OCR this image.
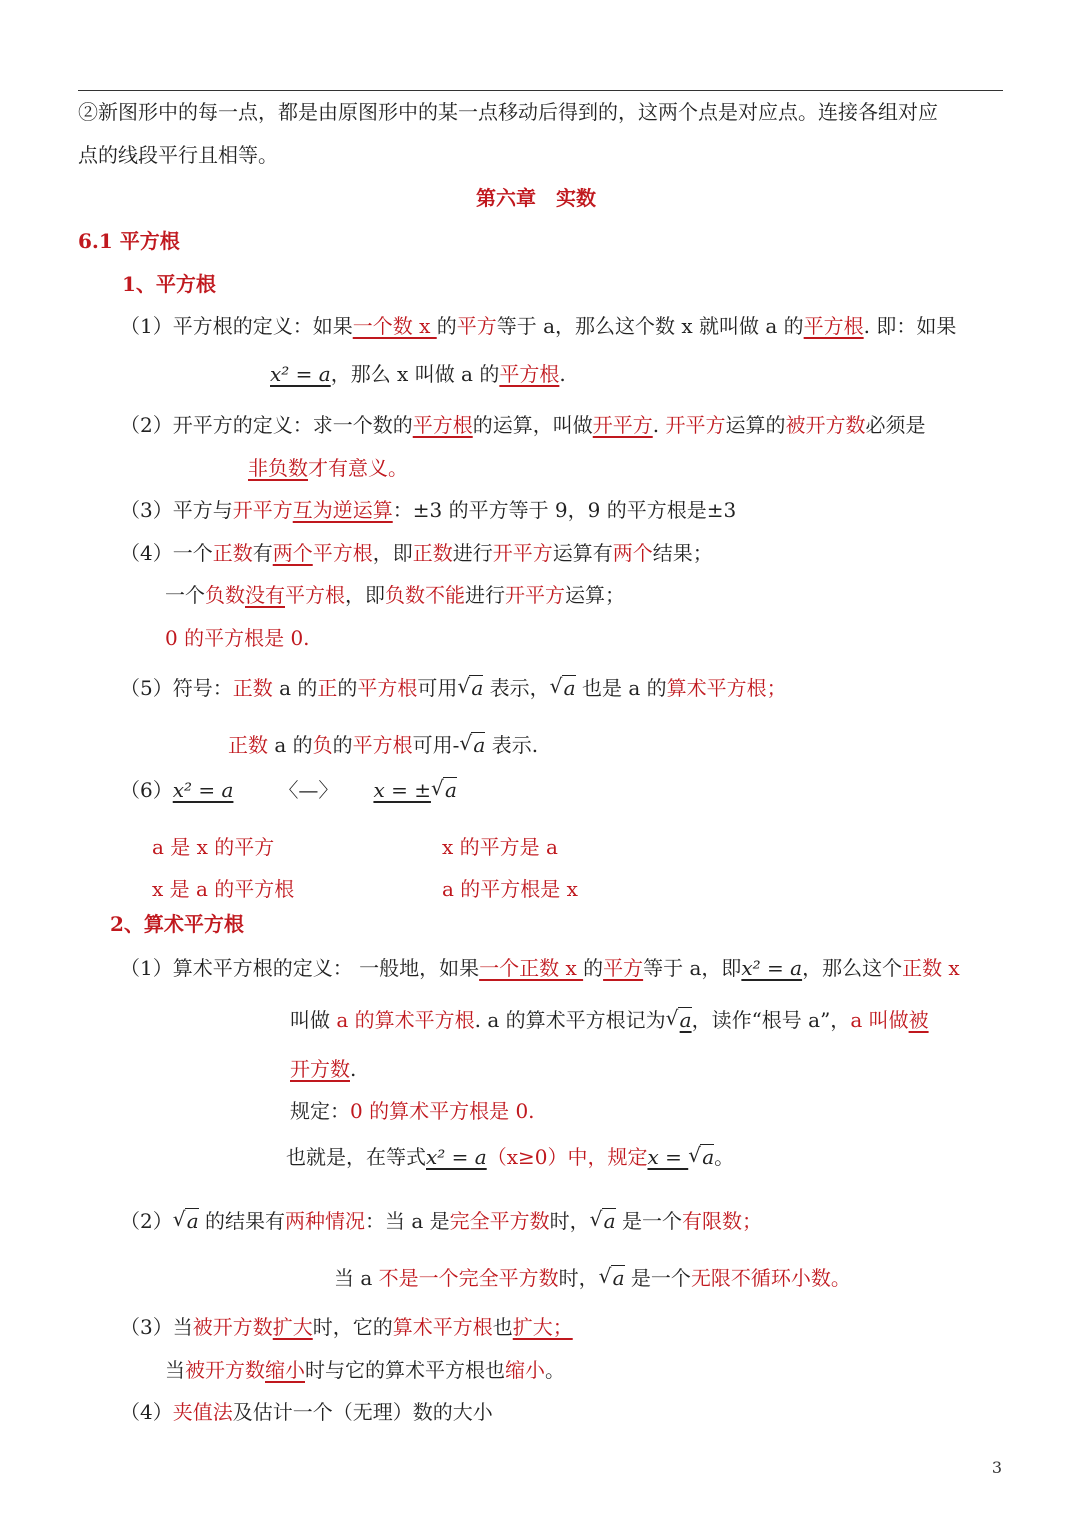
②新图形中的每一点，都是由原图形中的某一点移动后得到的，这两个点是对应点。连接各组对应
点的线段平行且相等。
第六章　实数
6.1 平方根
1、平方根
（1）平方根的定义：如果一个数 x 的平方等于 a，那么这个数 x 就叫做 a 的平方根. 即：如果
x² = a，那么 x 叫做 a 的平方根.
（2）开平方的定义：求一个数的平方根的运算，叫做开平方. 开平方运算的被开方数必须是
非负数才有意义。
（3）平方与开平方互为逆运算：±3 的平方等于 9，9 的平方根是±3
（4）一个正数有两个平方根，即正数进行开平方运算有两个结果；
一个负数没有平方根，即负数不能进行开平方运算；
0 的平方根是 0.
（5）符号：正数 a 的正的平方根可用 √ a 表示， √ a 也是 a 的算术平方根；
正数 a 的负的平方根可用- √ a 表示.
（6）x² = a 〈—〉 x = ± √ a
a 是 x 的平方	x 的平方是 a
x 是 a 的平方根	a 的平方根是 x
2、算术平方根
（1）算术平方根的定义： 一般地，如果一个正数 x 的平方等于 a，即x² = a，那么这个正数 x
叫做 a 的算术平方根. a 的算术平方根记为 √ a，读作“根号 a”，a 叫做被
开方数.
规定：0 的算术平方根是 0.
也就是，在等式x² = a（x≥0）中，规定x = √ a。
（2） √ a 的结果有两种情况：当 a 是完全平方数时， √ a 是一个有限数；
当 a 不是一个完全平方数时， √ a 是一个无限不循环小数。
（3）当被开方数扩大时，它的算术平方根也扩大；
当被开方数缩小时与它的算术平方根也缩小。
（4）夹值法及估计一个（无理）数的大小
3
